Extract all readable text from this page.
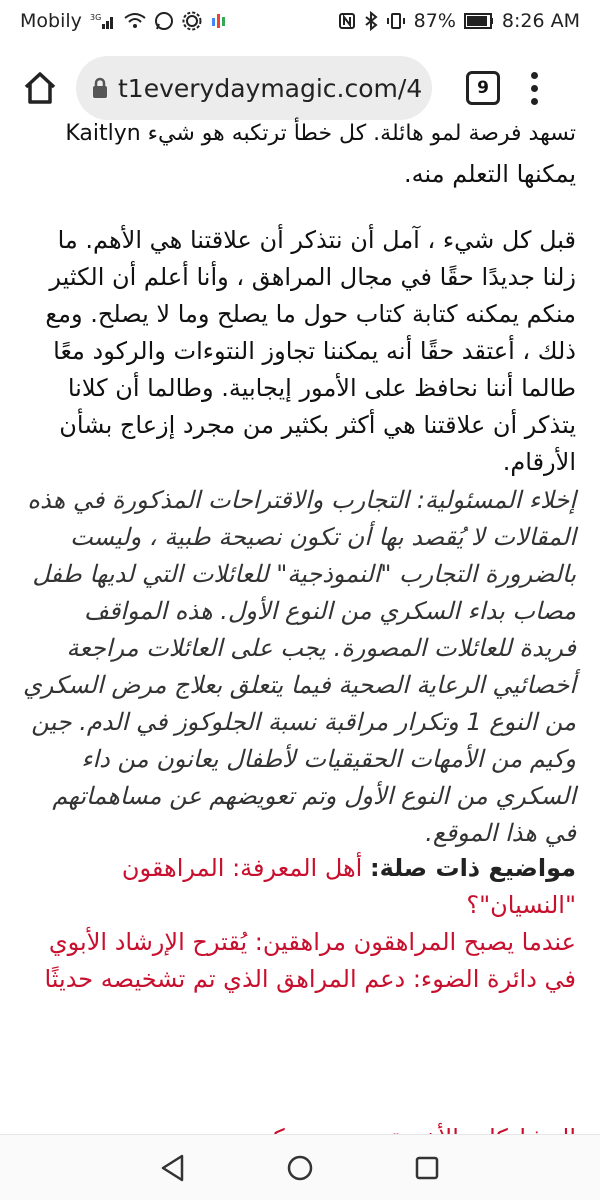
Mobily 3G	87% 8:26 AM
t1everydaymagic.com/4	9
تسهد فرصة لمو هائلة. كل خطأ ترتكبه هو شيء Kaitlyn

يمكنها التعلم منه.

قبل كل شيء ، آمل أن نتذكر أن علاقتنا هي الأهم. ما زلنا جديدًا حقًا في مجال المراهق ، وأنا أعلم أن الكثير منكم يمكنه كتابة كتاب حول ما يصلح وما لا يصلح. ومع ذلك ، أعتقد حقًا أنه يمكننا تجاوز النتوءات والركود معًا طالما أننا نحافظ على الأمور إيجابية. وطالما أن كلانا يتذكر أن علاقتنا هي أكثر بكثير من مجرد إزعاج بشأن الأرقام.

إخلاء المسئولية: التجارب والاقتراحات المذكورة في هذه المقالات لا يُقصد بها أن تكون نصيحة طبية ، وليست بالضرورة التجارب "النموذجية" للعائلات التي لديها طفل مصاب بداء السكري من النوع الأول. هذه المواقف فريدة للعائلات المصورة. يجب على العائلات مراجعة أخصائيي الرعاية الصحية فيما يتعلق بعلاج مرض السكري من النوع 1 وتكرار مراقبة نسبة الجلوكوز في الدم. جين وكيم من الأمهات الحقيقيات لأطفال يعانون من داء السكري من النوع الأول وتم تعويضهم عن مساهماتهم في هذا الموقع.

مواضيع ذات صلة: أهل المعرفة: المراهقون "النسيان"؟
عندما يصبح المراهقون مراهقين: يُقترح الإرشاد الأبوي في دائرة الضوء: دعم المراهق الذي تم تشخيصه حديثًا
